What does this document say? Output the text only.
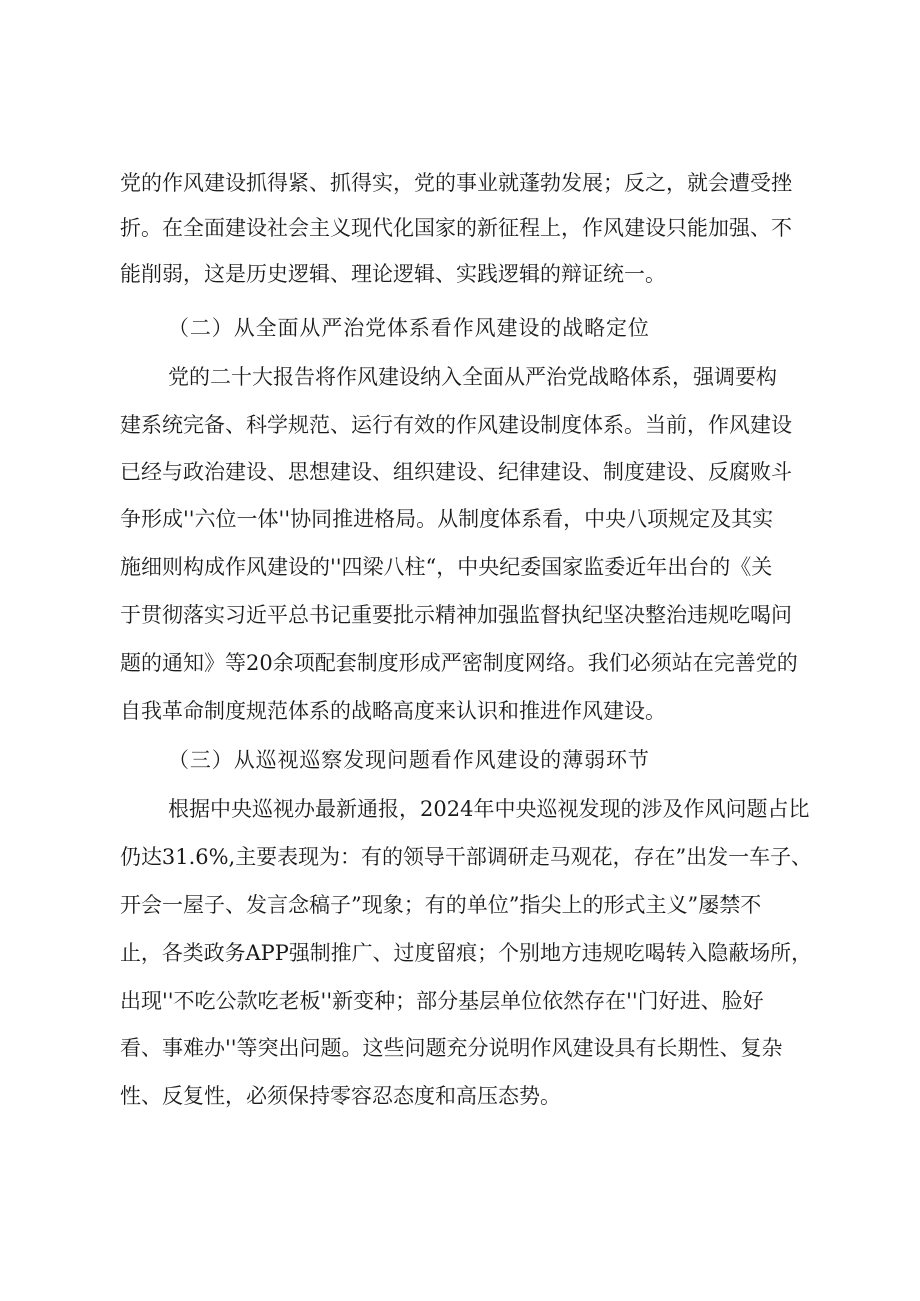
党的作风建设抓得紧、抓得实，党的事业就蓬勃发展；反之，就会遭受挫
折。在全面建设社会主义现代化国家的新征程上，作风建设只能加强、不
能削弱，这是历史逻辑、理论逻辑、实践逻辑的辩证统一。
（二）从全面从严治党体系看作风建设的战略定位
党的二十大报告将作风建设纳入全面从严治党战略体系，强调要构
建系统完备、科学规范、运行有效的作风建设制度体系。当前，作风建设
已经与政治建设、思想建设、组织建设、纪律建设、制度建设、反腐败斗
争形成''六位一体''协同推进格局。从制度体系看，中央八项规定及其实
施细则构成作风建设的''四梁八柱“，中央纪委国家监委近年出台的《关
于贯彻落实习近平总书记重要批示精神加强监督执纪坚决整治违规吃喝问
题的通知》等20余项配套制度形成严密制度网络。我们必须站在完善党的
自我革命制度规范体系的战略高度来认识和推进作风建设。
（三）从巡视巡察发现问题看作风建设的薄弱环节
根据中央巡视办最新通报，2024年中央巡视发现的涉及作风问题占比
仍达31.6%,主要表现为：有的领导干部调研走马观花，存在”出发一车子、
开会一屋子、发言念稿子”现象；有的单位”指尖上的形式主义”屡禁不
止，各类政务APP强制推广、过度留痕；个别地方违规吃喝转入隐蔽场所，
出现''不吃公款吃老板''新变种；部分基层单位依然存在''门好进、脸好
看、事难办''等突出问题。这些问题充分说明作风建设具有长期性、复杂
性、反复性，必须保持零容忍态度和高压态势。
